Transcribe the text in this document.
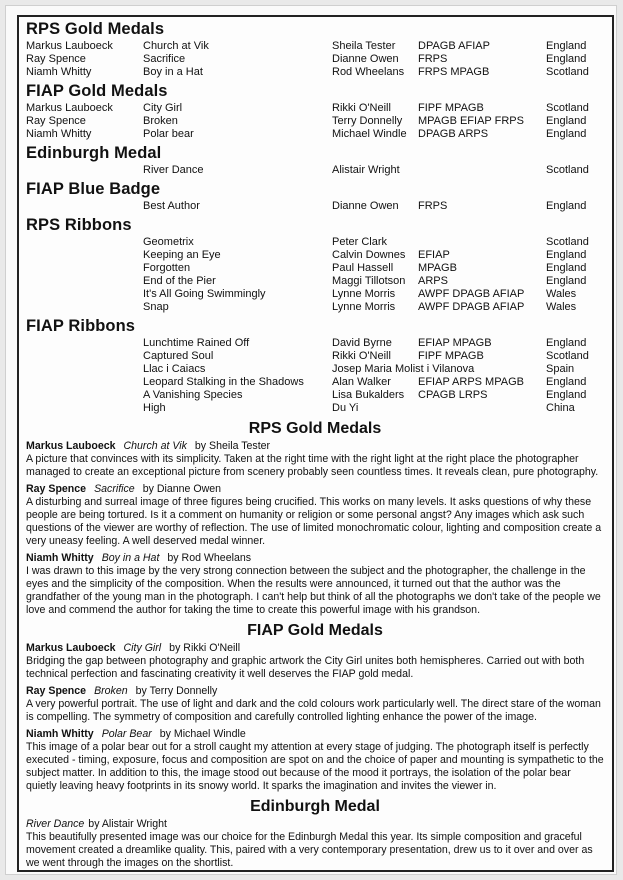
RPS Gold Medals
Markus Lauboeck	Church at Vik	Sheila Tester DPAGB AFIAP	England
Ray Spence	Sacrifice	Dianne Owen FRPS	England
Niamh Whitty	Boy in a Hat	Rod Wheelans FRPS MPAGB	Scotland
FIAP Gold Medals
Markus Lauboeck	City Girl	Rikki O'Neill FIPF MPAGB	Scotland
Ray Spence	Broken	Terry Donnelly MPAGB EFIAP FRPS England
Niamh Whitty	Polar bear	Michael Windle DPAGB ARPS	England
Edinburgh Medal
River Dance	Alistair Wright	Scotland
FIAP Blue Badge
Best Author	Dianne Owen FRPS	England
RPS Ribbons
Geometrix	Peter Clark	Scotland
Keeping an Eye	Calvin Downes EFIAP	England
Forgotten	Paul Hassell MPAGB	England
End of the Pier	Maggi Tillotson ARPS	England
It's All Going Swimmingly	Lynne Morris AWPF DPAGB AFIAP Wales
Snap	Lynne Morris AWPF DPAGB AFIAP Wales
FIAP Ribbons
Lunchtime Rained Off	David Byrne EFIAP MPAGB	England
Captured Soul	Rikki O'Neill FIPF MPAGB	Scotland
Llac i Caiacs	Josep Maria Molist i Vilanova	Spain
Leopard Stalking in the Shadows	Alan Walker EFIAP ARPS MPAGB England
A Vanishing Species	Lisa Bukalders CPAGB LRPS	England
High	Du Yi	China
RPS Gold Medals
Markus Lauboeck Church at Vik by Sheila Tester
A picture that convinces with its simplicity. Taken at the right time with the right light at the right place the photographer managed to create an exceptional picture from scenery probably seen countless times. It reveals clean, pure photography.
Ray Spence Sacrifice by Dianne Owen
A disturbing and surreal image of three figures being crucified. This works on many levels. It asks questions of why these people are being tortured. Is it a comment on humanity or religion or some personal angst? Any images which ask such questions of the viewer are worthy of reflection. The use of limited monochromatic colour, lighting and composition create a very uneasy feeling. A well deserved medal winner.
Niamh Whitty Boy in a Hat by Rod Wheelans
I was drawn to this image by the very strong connection between the subject and the photographer, the challenge in the eyes and the simplicity of the composition. When the results were announced, it turned out that the author was the grandfather of the young man in the photograph. I can't help but think of all the photographs we don't take of the people we love and commend the author for taking the time to create this powerful image with his grandson.
FIAP Gold Medals
Markus Lauboeck City Girl by Rikki O'Neill
Bridging the gap between photography and graphic artwork the City Girl unites both hemispheres. Carried out with both technical perfection and fascinating creativity it well deserves the FIAP gold medal.
Ray Spence Broken by Terry Donnelly
A very powerful portrait. The use of light and dark and the cold colours work particularly well. The direct stare of the woman is compelling. The symmetry of composition and carefully controlled lighting enhance the power of the image.
Niamh Whitty Polar Bear by Michael Windle
This image of a polar bear out for a stroll caught my attention at every stage of judging. The photograph itself is perfectly executed - timing, exposure, focus and composition are spot on and the choice of paper and mounting is sympathetic to the subject matter. In addition to this, the image stood out because of the mood it portrays, the isolation of the polar bear quietly leaving heavy footprints in its snowy world. It sparks the imagination and invites the viewer in.
Edinburgh Medal
River Dance by Alistair Wright
This beautifully presented image was our choice for the Edinburgh Medal this year. Its simple composition and graceful movement created a dreamlike quality. This, paired with a very contemporary presentation, drew us to it over and over as we went through the images on the shortlist.
